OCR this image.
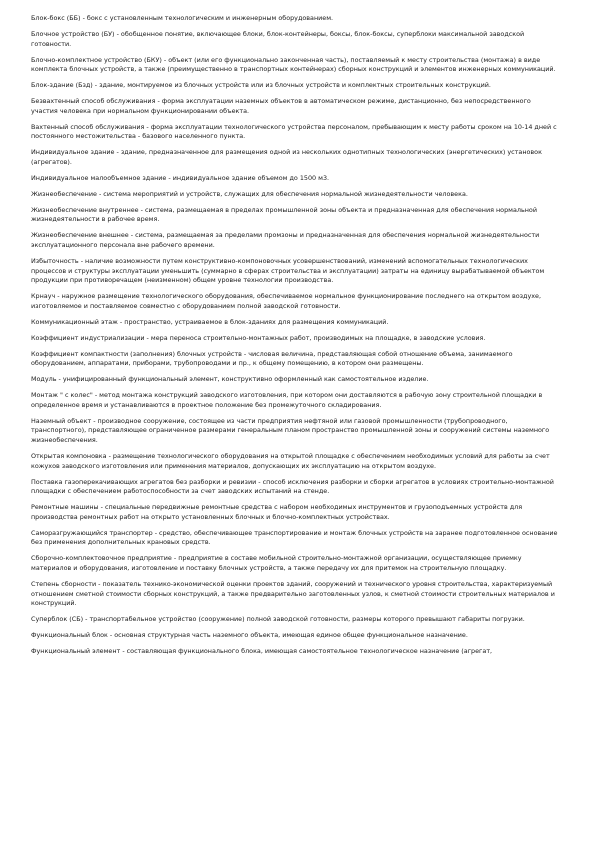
Блок-бокс (ББ) - бокс с установленным технологическим и инженерным оборудованием.

Блочное устройство (БУ) - обобщенное понятие, включающее блоки, блок-контейнеры, боксы, блок-боксы, суперблоки максимальной заводской готовности.

Блочно-комплектное устройство (БКУ) - объект (или его функционально законченная часть), поставляемый к месту строительства (монтажа) в виде комплекта блочных устройств, а также (преимущественно в транспортных контейнерах) сборных конструкций и элементов инженерных коммуникаций.

Блок-здание (Бзд) - здание, монтируемое из блочных устройств или из блочных устройств и комплектных строительных конструкций.

Безвахтенный способ обслуживания - форма эксплуатации наземных объектов в автоматическом режиме, дистанционно, без непосредственного участия человека при нормальном функционировании объекта.

Вахтенный способ обслуживания - форма эксплуатации технологического устройства персоналом, пребывающим к месту работы сроком на 10-14 дней с постоянного местожительства - базового населенного пункта.

Индивидуальное здание - здание, предназначенное для размещения одной из нескольких однотипных технологических (энергетических) установок (агрегатов).

Индивидуальное малообъемное здание - индивидуальное здание объемом до 1500 м3.

Жизнеобеспечение - система мероприятий и устройств, служащих для обеспечения нормальной жизнедеятельности человека.

Жизнеобеспечение внутреннее - система, размещаемая в пределах промышленной зоны объекта и предназначенная для обеспечения нормальной жизнедеятельности в рабочее время.

Жизнеобеспечение внешнее - система, размещаемая за пределами промзоны и предназначенная для обеспечения нормальной жизнедеятельности эксплуатационного персонала вне рабочего времени.

Избыточность - наличие возможности путем конструктивно-компоновочных усовершенствований, изменений вспомогательных технологических процессов и структуры эксплуатации уменьшить (суммарно в сферах строительства и эксплуатации) затраты на единицу вырабатываемой объектом продукции при противоречащем (неизменном) общем уровне технологии производства.

Крнауч - наружное размещение технологического оборудования, обеспечиваемое нормальное функционирование последнего на открытом воздухе, изготовляемое и поставляемое совместно с оборудованием полной заводской готовности.

Коммуникационный этаж - пространство, устраиваемое в блок-зданиях для размещения коммуникаций.

Коэффициент индустриализации - мера переноса строительно-монтажных работ, производимых на площадке, в заводские условия.

Коэффициент компактности (заполнения) блочных устройств - числовая величина, представляющая собой отношение объема, занимаемого оборудованием, аппаратами, приборами, трубопроводами и пр., к общему помещению, в котором они размещены.

Модуль - унифицированный функциональный элемент, конструктивно оформленный как самостоятельное изделие.

Монтаж " с колес" - метод монтажа конструкций заводского изготовления, при котором они доставляются в рабочую зону строительной площадки в определенное время и устанавливаются в проектное положение без промежуточного складирования.

Наземный объект - производное сооружение, состоящее из части предприятия нефтяной или газовой промышленности (трубопроводного, транспортного), представляющее ограниченное размерами генеральным планом пространство промышленной зоны и сооружений системы наземного жизнеобеспечения.

Открытая компоновка - размещение технологического оборудования на открытой площадке с обеспечением необходимых условий для работы за счет кожухов заводского изготовления или применения материалов, допускающих их эксплуатацию на открытом воздухе.

Поставка газоперекачивающих агрегатов без разборки и ревизии - способ исключения разборки и сборки агрегатов в условиях строительно-монтажной площадки с обеспечением работоспособности за счет заводских испытаний на стенде.

Ремонтные машины - специальные передвижные ремонтные средства с набором необходимых инструментов и грузоподъемных устройств для производства ремонтных работ на открыто установленных блочных и блочно-комплектных устройствах.

Саморазгружающийся транспортер - средство, обеспечивающее транспортирование и монтаж блочных устройств на заранее подготовленное основание без применения дополнительных крановых средств.

Сборочно-комплектовочное предприятие - предприятие в составе мобильной строительно-монтажной организации, осуществляющее приемку материалов и оборудования, изготовление и поставку блочных устройств, а также передачу их для притемок на строительную площадку.

Степень сборности - показатель технико-экономической оценки проектов зданий, сооружений и технического уровня строительства, характеризуемый отношением сметной стоимости сборных конструкций, а также предварительно заготовленных узлов, к сметной стоимости строительных материалов и конструкций.

Суперблок (СБ) - транспортабельное устройство (сооружение) полной заводской готовности, размеры которого превышают габариты погрузки.

Функциональный блок - основная структурная часть наземного объекта, имеющая единое общее функциональное назначение.

Функциональный элемент - составляющая функционального блока, имеющая самостоятельное технологическое назначение (агрегат,
